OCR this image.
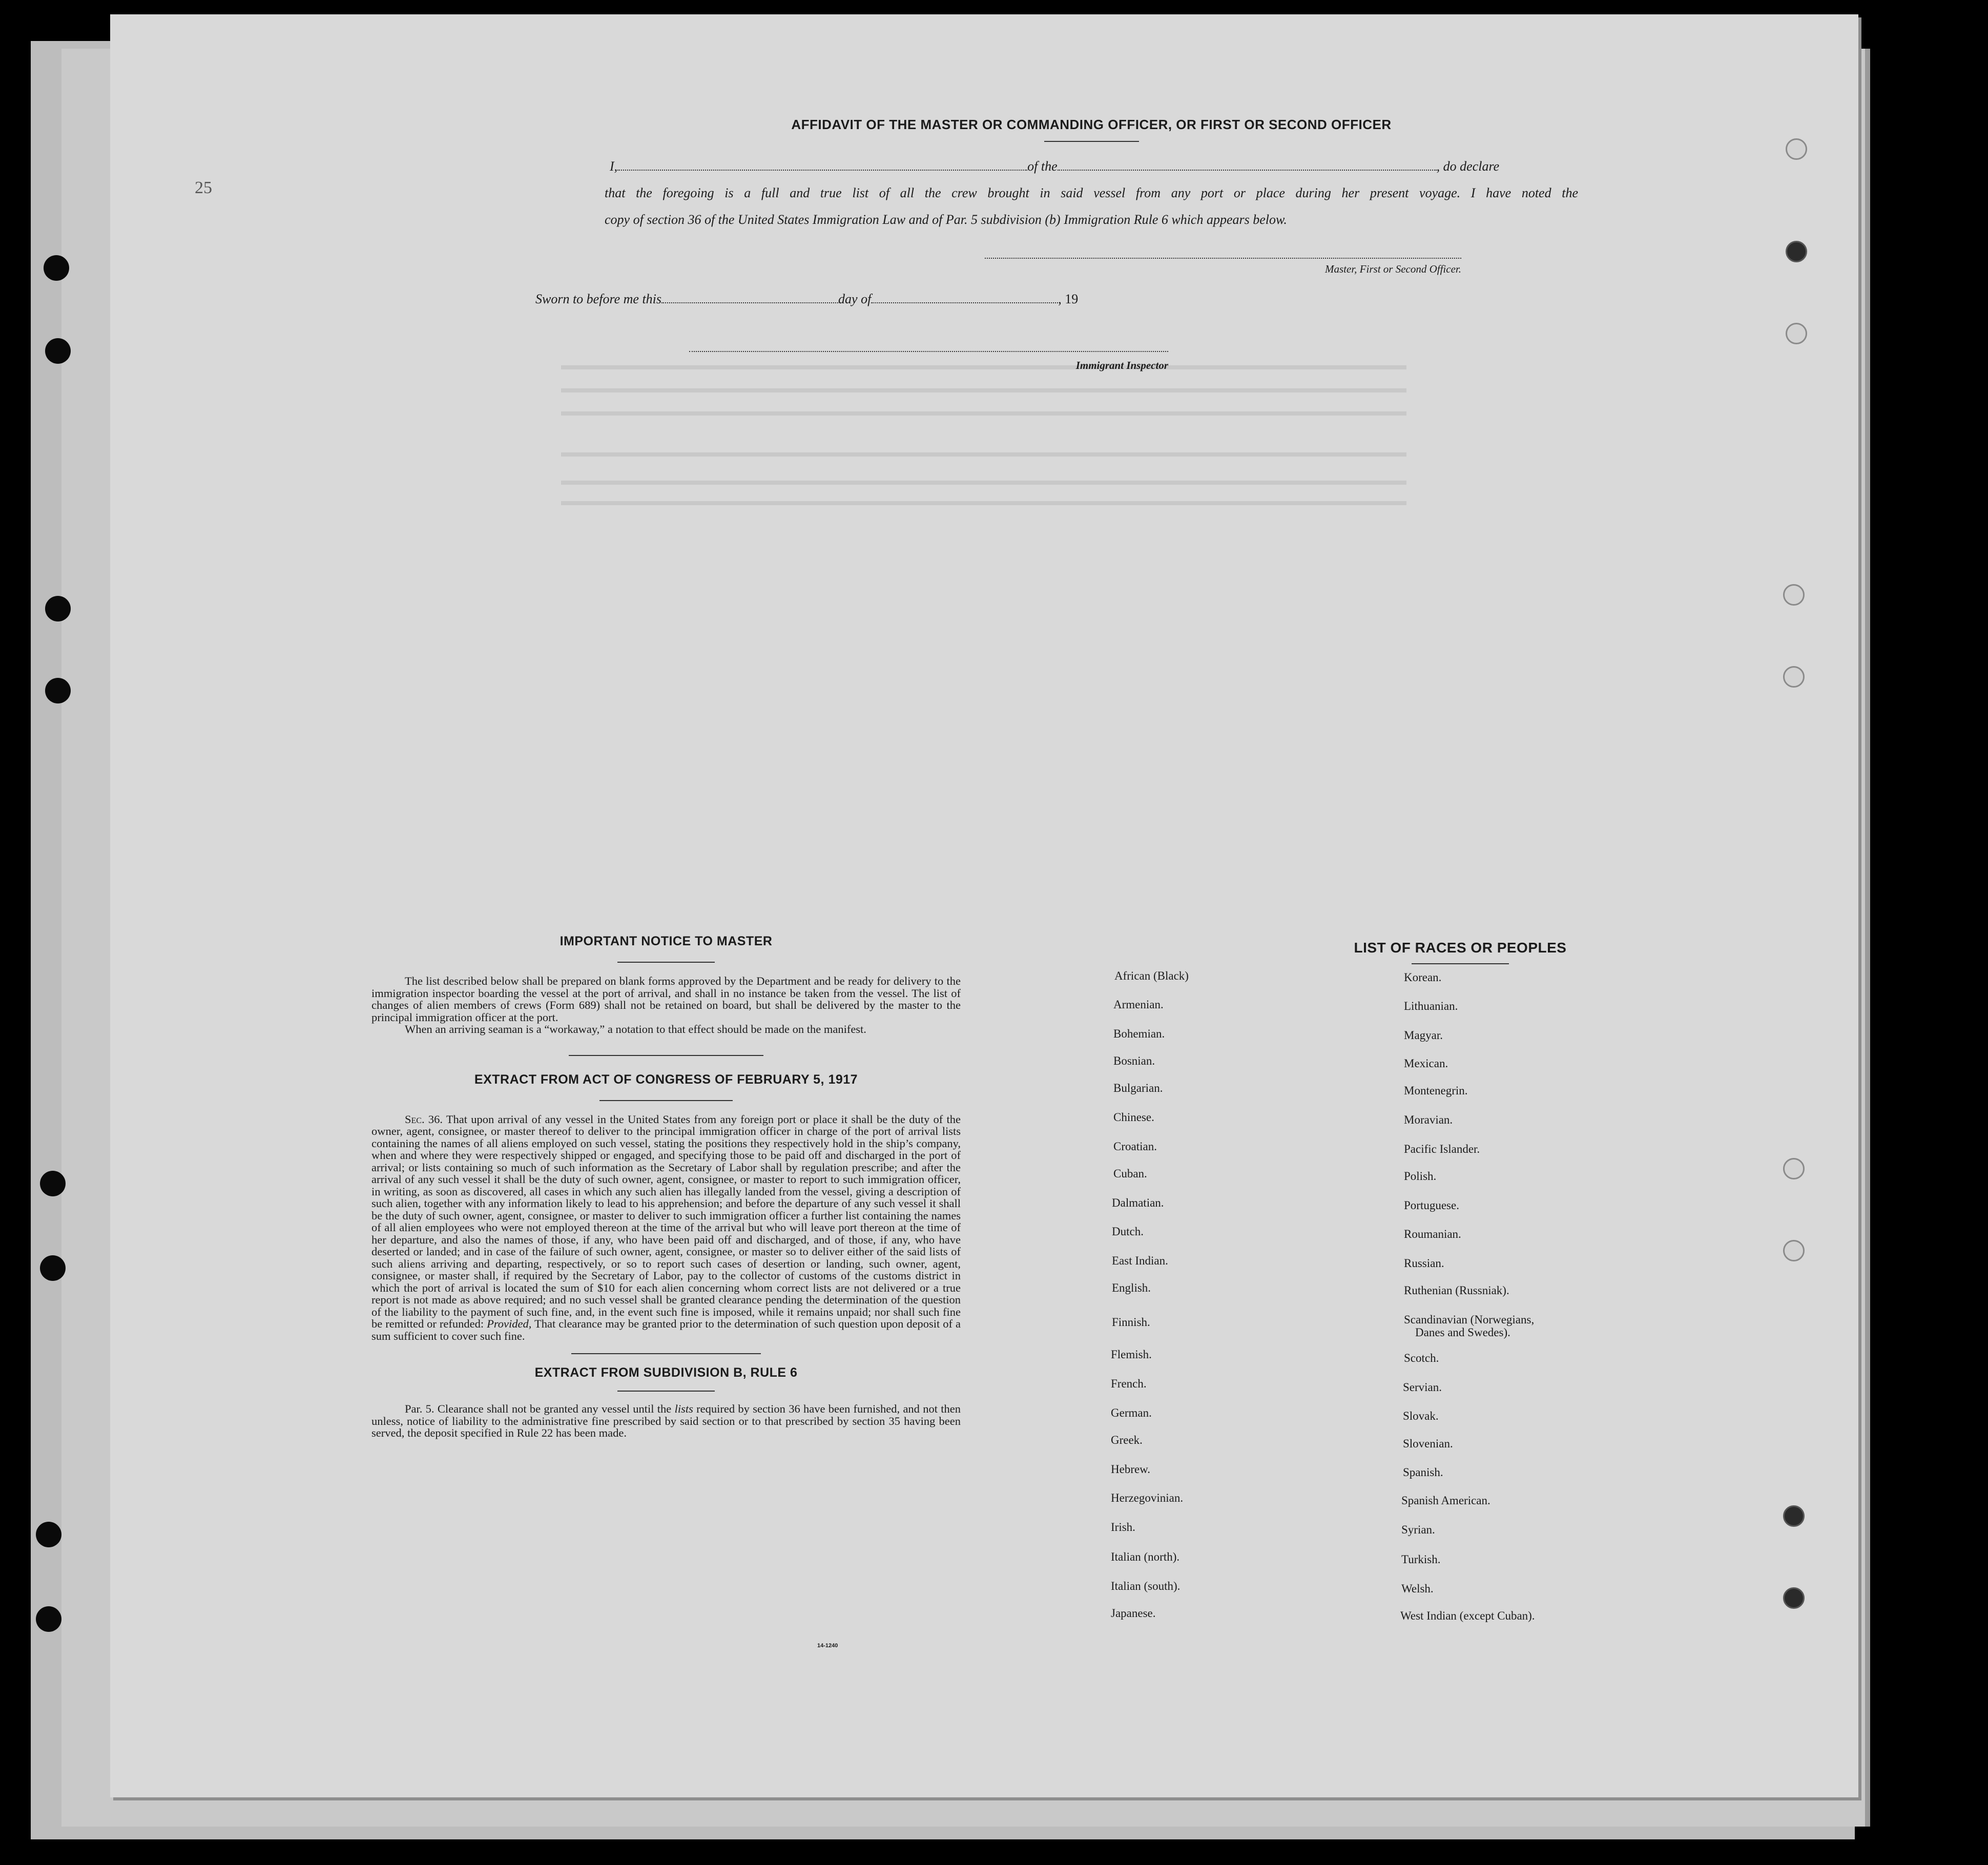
25
AFFIDAVIT OF THE MASTER OR COMMANDING OFFICER, OR FIRST OR SECOND OFFICER
I,	of the	, do declare
that the foregoing is a full and true list of all the crew brought in said vessel from any port or place during her present voyage. I have noted the
copy of section 36 of the United States Immigration Law and of Par. 5 subdivision (b) Immigration Rule 6 which appears below.
Master, First or Second Officer.
Sworn to before me this	day of	, 19
Immigrant Inspector
IMPORTANT NOTICE TO MASTER

The list described below shall be prepared on blank forms approved by the Department and be ready for delivery to the immigration inspector boarding the vessel at the port of arrival, and shall in no instance be taken from the vessel. The list of changes of alien members of crews (Form 689) shall not be retained on board, but shall be delivered by the master to the principal immigration officer at the port.

When an arriving seaman is a “workaway,” a notation to that effect should be made on the manifest.

EXTRACT FROM ACT OF CONGRESS OF FEBRUARY 5, 1917

Sec. 36. That upon arrival of any vessel in the United States from any foreign port or place it shall be the duty of the owner, agent, consignee, or master thereof to deliver to the principal immigration officer in charge of the port of arrival lists containing the names of all aliens employed on such vessel, stating the positions they respectively hold in the ship’s company, when and where they were respectively shipped or engaged, and specifying those to be paid off and discharged in the port of arrival; or lists containing so much of such information as the Secretary of Labor shall by regulation prescribe; and after the arrival of any such vessel it shall be the duty of such owner, agent, consignee, or master to report to such immigration officer, in writing, as soon as discovered, all cases in which any such alien has illegally landed from the vessel, giving a description of such alien, together with any information likely to lead to his apprehension; and before the departure of any such vessel it shall be the duty of such owner, agent, consignee, or master to deliver to such immigration officer a further list containing the names of all alien employees who were not employed thereon at the time of the arrival but who will leave port thereon at the time of her departure, and also the names of those, if any, who have been paid off and discharged, and of those, if any, who have deserted or landed; and in case of the failure of such owner, agent, consignee, or master so to deliver either of the said lists of such aliens arriving and departing, respectively, or so to report such cases of desertion or landing, such owner, agent, consignee, or master shall, if required by the Secretary of Labor, pay to the collector of customs of the customs district in which the port of arrival is located the sum of $10 for each alien concerning whom correct lists are not delivered or a true report is not made as above required; and no such vessel shall be granted clearance pending the determination of the question of the liability to the payment of such fine, and, in the event such fine is imposed, while it remains unpaid; nor shall such fine be remitted or refunded: Provided, That clearance may be granted prior to the determination of such question upon deposit of a sum sufficient to cover such fine.

EXTRACT FROM SUBDIVISION B, RULE 6

Par. 5. Clearance shall not be granted any vessel until the lists required by section 36 have been furnished, and not then unless, notice of liability to the administrative fine prescribed by said section or to that prescribed by section 35 having been served, the deposit specified in Rule 22 has been made.

14-1240
LIST OF RACES OR PEOPLES
African (Black)
Armenian.
Bohemian.
Bosnian.
Bulgarian.
Chinese.
Croatian.
Cuban.
Dalmatian.
Dutch.
East Indian.
English.
Finnish.
Flemish.
French.
German.
Greek.
Hebrew.
Herzegovinian.
Irish.
Italian (north).
Italian (south).
Japanese.
Korean.
Lithuanian.
Magyar.
Mexican.
Montenegrin.
Moravian.
Pacific Islander.
Polish.
Portuguese.
Roumanian.
Russian.
Ruthenian (Russniak).
Scandinavian (Norwegians,
Danes and Swedes).
Scotch.
Servian.
Slovak.
Slovenian.
Spanish.
Spanish American.
Syrian.
Turkish.
Welsh.
West Indian (except Cuban).
